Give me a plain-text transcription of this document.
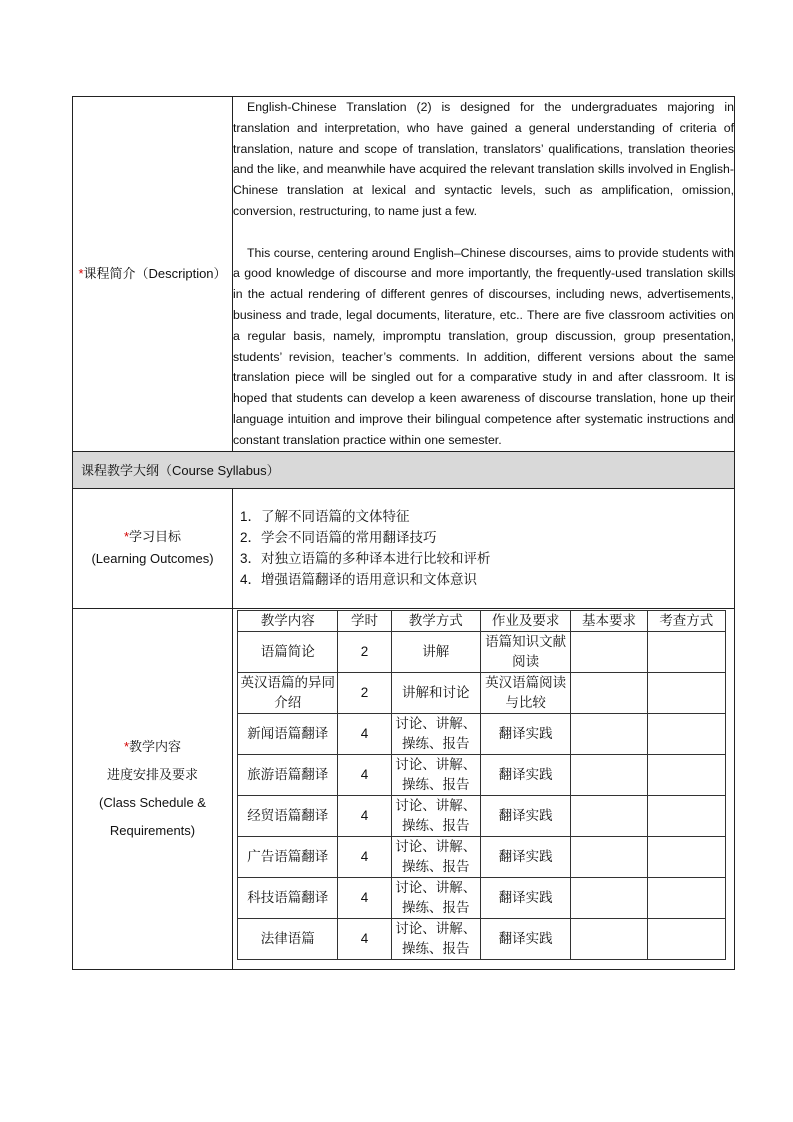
*课程简介（Description）	

English-Chinese Translation (2) is designed for the undergraduates majoring in translation and interpretation, who have gained a general understanding of criteria of translation, nature and scope of translation, translators’ qualifications, translation theories and the like, and meanwhile have acquired the relevant translation skills involved in English-Chinese translation at lexical and syntactic levels, such as amplification, omission, conversion, restructuring, to name just a few.

This course, centering around English–Chinese discourses, aims to provide students with a good knowledge of discourse and more importantly, the frequently-used translation skills in the actual rendering of different genres of discourses, including news, advertisements, business and trade, legal documents, literature, etc.. There are five classroom activities on a regular basis, namely, impromptu translation, group discussion, group presentation, students’ revision, teacher’s comments. In addition, different versions about the same translation piece will be singled out for a comparative study in and after classroom. It is hoped that students can develop a keen awareness of discourse translation, hone up their language intuition and improve their bilingual competence after systematic instructions and constant translation practice within one semester.

课程教学大纲（Course Syllabus）

*学习目标
(Learning Outcomes)

1．了解不同语篇的文体特征
2．学会不同语篇的常用翻译技巧
3．对独立语篇的多种译本进行比较和评析
4．增强语篇翻译的语用意识和文体意识

*教学内容
进度安排及要求
(Class Schedule &
Requirements)

教学内容	学时	教学方式	作业及要求	基本要求	考查方式
语篇简论	2	讲解	语篇知识文献阅读		
英汉语篇的异同介绍	2	讲解和讨论	英汉语篇阅读与比较		
新闻语篇翻译	4	讨论、讲解、操练、报告	翻译实践		
旅游语篇翻译	4	讨论、讲解、操练、报告	翻译实践		
经贸语篇翻译	4	讨论、讲解、操练、报告	翻译实践		
广告语篇翻译	4	讨论、讲解、操练、报告	翻译实践		
科技语篇翻译	4	讨论、讲解、操练、报告	翻译实践		
法律语篇	4	讨论、讲解、操练、报告	翻译实践		
